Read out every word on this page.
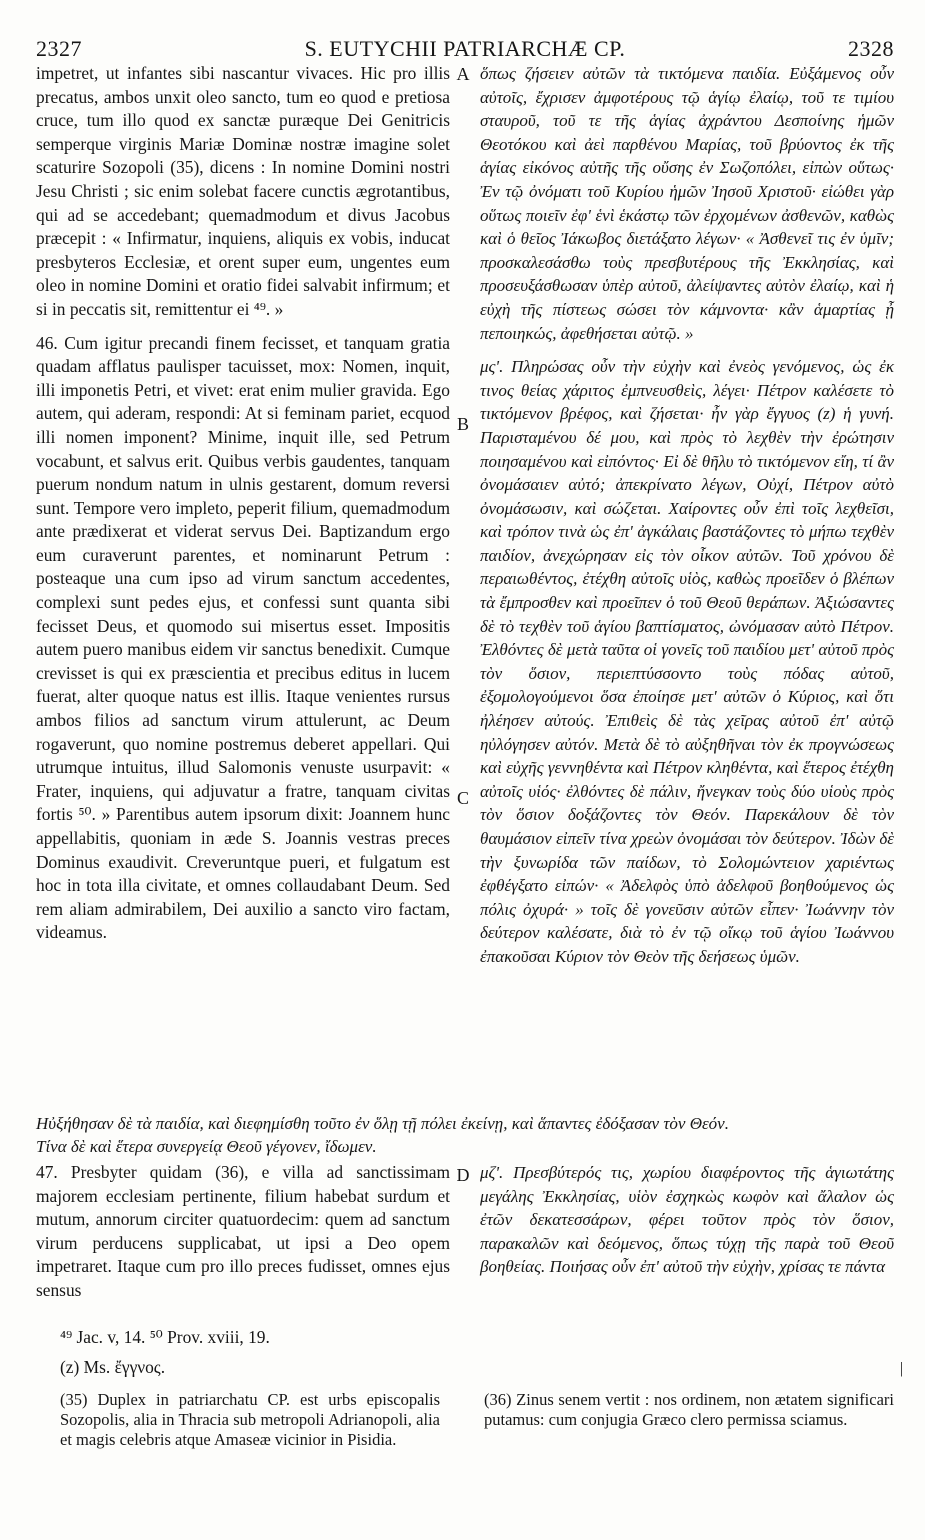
2327	S. EUTYCHII PATRIARCHÆ CP.	2328

impetret, ut infantes sibi nascantur vivaces. Hic pro illis precatus, ambos unxit oleo sancto, tum eo quod e pretiosa cruce, tum illo quod ex sanctæ puræque Dei Genitricis semperque virginis Mariæ Dominæ nostræ imagine solet scaturire Sozopoli (35), dicens : In nomine Domini nostri Jesu Christi ; sic enim solebat facere cunctis ægrotantibus, qui ad se accedebant; quemadmodum et divus Jacobus præcepit : « Infirmatur, inquiens, aliquis ex vobis, inducat presbyteros Ecclesiæ, et orent super eum, ungentes eum oleo in nomine Domini et oratio fidei salvabit infirmum; et si in peccatis sit, remittentur ei ⁴⁹. »

46. Cum igitur precandi finem fecisset, et tanquam gratia quadam afflatus paulisper tacuisset, mox: Nomen, inquit, illi imponetis Petri, et vivet: erat enim mulier gravida. Ego autem, qui aderam, respondi: At si feminam pariet, ecquod illi nomen imponent? Minime, inquit ille, sed Petrum vocabunt, et salvus erit. Quibus verbis gaudentes, tanquam puerum nondum natum in ulnis gestarent, domum reversi sunt. Tempore vero impleto, peperit filium, quemadmodum ante prædixerat et viderat servus Dei. Baptizandum ergo eum curaverunt parentes, et nominarunt Petrum : posteaque una cum ipso ad virum sanctum accedentes, complexi sunt pedes ejus, et confessi sunt quanta sibi fecisset Deus, et quomodo sui misertus esset. Impositis autem puero manibus eidem vir sanctus benedixit. Cumque crevisset is qui ex præscientia et precibus editus in lucem fuerat, alter quoque natus est illis. Itaque venientes rursus ambos filios ad sanctum virum attulerunt, ac Deum rogaverunt, quo nomine postremus deberet appellari. Qui utrumque intuitus, illud Salomonis venuste usurpavit: « Frater, inquiens, qui adjuvatur a fratre, tanquam civitas fortis ⁵⁰. » Parentibus autem ipsorum dixit: Joannem hunc appellabitis, quoniam in æde S. Joannis vestras preces Dominus exaudivit. Creveruntque pueri, et fulgatum est hoc in tota illa civitate, et omnes collaudabant Deum. Sed rem aliam admirabilem, Dei auxilio a sancto viro factam, videamus.

ὅπως ζήσειεν αὐτῶν τὰ τικτόμενα παιδία. Εὐξάμενος οὖν αὐτοῖς, ἔχρισεν ἀμφοτέρους τῷ ἁγίῳ ἐλαίῳ, τοῦ τε τιμίου σταυροῦ, τοῦ τε τῆς ἁγίας ἀχράντου Δεσποίνης ἡμῶν Θεοτόκου καὶ ἀεὶ παρθένου Μαρίας, τοῦ βρύοντος ἐκ τῆς ἁγίας εἰκόνος αὐτῆς τῆς οὔσης ἐν Σωζοπόλει, εἰπὼν οὕτως· Ἐν τῷ ὀνόματι τοῦ Κυρίου ἡμῶν Ἰησοῦ Χριστοῦ· εἰώθει γὰρ οὕτως ποιεῖν ἐφ' ἑνὶ ἑκάστῳ τῶν ἐρχομένων ἀσθενῶν, καθὼς καὶ ὁ θεῖος Ἰάκωβος διετάξατο λέγων· « Ἀσθενεῖ τις ἐν ὑμῖν; προσκαλεσάσθω τοὺς πρεσβυτέρους τῆς Ἐκκλησίας, καὶ προσευξάσθωσαν ὑπὲρ αὐτοῦ, ἀλείψαντες αὐτὸν ἐλαίῳ, καὶ ἡ εὐχὴ τῆς πίστεως σώσει τὸν κάμνοντα· κἂν ἁμαρτίας ᾖ πεποιηκώς, ἀφεθήσεται αὐτῷ. »

μς'. Πληρώσας οὖν τὴν εὐχὴν καὶ ἐνεὸς γενόμενος, ὡς ἐκ τινος θείας χάριτος ἐμπνευσθεὶς, λέγει· Πέτρον καλέσετε τὸ τικτόμενον βρέφος, καὶ ζήσεται· ἦν γὰρ ἔγγυος (z) ἡ γυνή. Παρισταμένου δέ μου, καὶ πρὸς τὸ λεχθὲν τὴν ἐρώτησιν ποιησαμένου καὶ εἰπόντος· Εἰ δὲ θῆλυ τὸ τικτόμενον εἴη, τί ἂν ὀνομάσαιεν αὐτό; ἀπεκρίνατο λέγων, Οὐχί, Πέτρον αὐτὸ ὀνομάσωσιν, καὶ σώζεται. Χαίροντες οὖν ἐπὶ τοῖς λεχθεῖσι, καὶ τρόπον τινὰ ὡς ἐπ' ἀγκάλαις βαστάζοντες τὸ μήπω τεχθὲν παιδίον, ἀνεχώρησαν εἰς τὸν οἶκον αὐτῶν. Τοῦ χρόνου δὲ περαιωθέντος, ἐτέχθη αὐτοῖς υἱὸς, καθὼς προεῖδεν ὁ βλέπων τὰ ἔμπροσθεν καὶ προεῖπεν ὁ τοῦ Θεοῦ θεράπων. Ἀξιώσαντες δὲ τὸ τεχθὲν τοῦ ἁγίου βαπτίσματος, ὠνόμασαν αὐτὸ Πέτρον. Ἐλθόντες δὲ μετὰ ταῦτα οἱ γονεῖς τοῦ παιδίου μετ' αὐτοῦ πρὸς τὸν ὅσιον, περιεπτύσσοντο τοὺς πόδας αὐτοῦ, ἐξομολογούμενοι ὅσα ἐποίησε μετ' αὐτῶν ὁ Κύριος, καὶ ὅτι ἠλέησεν αὐτούς. Ἐπιθεὶς δὲ τὰς χεῖρας αὐτοῦ ἐπ' αὐτῷ ηὐλόγησεν αὐτόν. Μετὰ δὲ τὸ αὐξηθῆναι τὸν ἐκ προγνώσεως καὶ εὐχῆς γεννηθέντα καὶ Πέτρον κληθέντα, καὶ ἕτερος ἐτέχθη αὐτοῖς υἱός· ἐλθόντες δὲ πάλιν, ἤνεγκαν τοὺς δύο υἱοὺς πρὸς τὸν ὅσιον δοξάζοντες τὸν Θεόν. Παρεκάλουν δὲ τὸν θαυμάσιον εἰπεῖν τίνα χρεὼν ὀνομάσαι τὸν δεύτερον. Ἰδὼν δὲ τὴν ξυνωρίδα τῶν παίδων, τὸ Σολομώντειον χαριέντως ἐφθέγξατο εἰπών· « Ἀδελφὸς ὑπὸ ἀδελφοῦ βοηθούμενος ὡς πόλις ὀχυρά· » τοῖς δὲ γονεῦσιν αὐτῶν εἶπεν· Ἰωάννην τὸν δεύτερον καλέσατε, διὰ τὸ ἐν τῷ οἴκῳ τοῦ ἁγίου Ἰωάννου ἐπακοῦσαι Κύριον τὸν Θεὸν τῆς δεήσεως ὑμῶν.

A
B
C
D
Ηὐξήθησαν δὲ τὰ παιδία, καὶ διεφημίσθη τοῦτο ἐν ὅλῃ τῇ πόλει ἐκείνῃ, καὶ ἅπαντες ἐδόξασαν τὸν Θεόν.
Τίνα δὲ καὶ ἕτερα συνεργείᾳ Θεοῦ γέγονεν, ἴδωμεν.

47. Presbyter quidam (36), e villa ad sanctissimam majorem ecclesiam pertinente, filium habebat surdum et mutum, annorum circiter quatuordecim: quem ad sanctum virum perducens supplicabat, ut ipsi a Deo opem impetraret. Itaque cum pro illo preces fudisset, omnes ejus sensus

μζ'. Πρεσβύτερός τις, χωρίου διαφέροντος τῆς ἁγιωτάτης μεγάλης Ἐκκλησίας, υἱὸν ἐσχηκὼς κωφὸν καὶ ἄλαλον ὡς ἐτῶν δεκατεσσάρων, φέρει τοῦτον πρὸς τὸν ὅσιον, παρακαλῶν καὶ δεόμενος, ὅπως τύχῃ τῆς παρὰ τοῦ Θεοῦ βοηθείας. Ποιήσας οὖν ἐπ' αὐτοῦ τὴν εὐχὴν, χρίσας τε πάντα

⁴⁹ Jac. v, 14. ⁵⁰ Prov. xviii, 19.
(z) Ms. ἔγγνος.
(35) Duplex in patriarchatu CP. est urbs episcopalis Sozopolis, alia in Thracia sub metropoli Adrianopoli, alia et magis celebris atque Amaseæ vicinior in Pisidia.
(36) Zinus senem vertit : nos ordinem, non ætatem significari putamus: cum conjugia Græco clero permissa sciamus.
|
